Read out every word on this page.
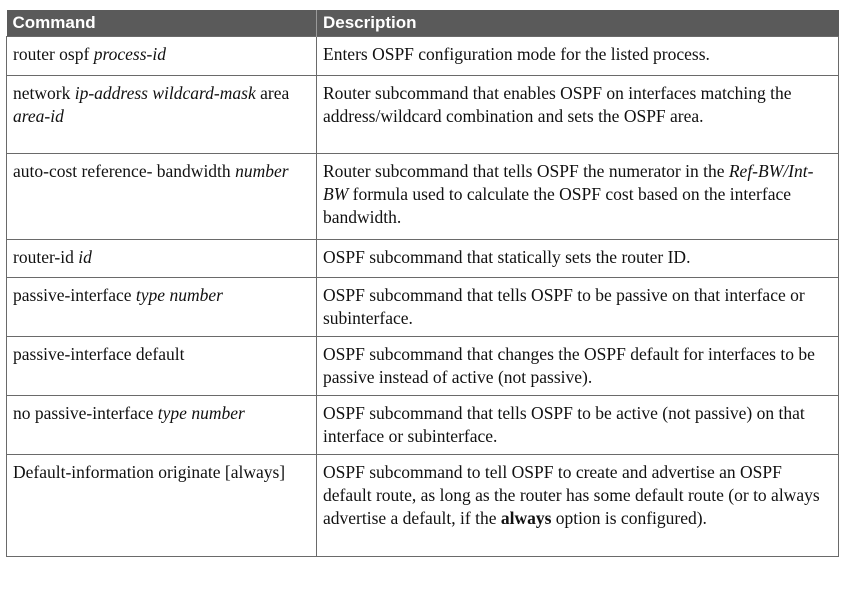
Command	Description
router ospf process-id	Enters OSPF configuration mode for the listed process.
network ip-address wildcard-mask area area-id	Router subcommand that enables OSPF on interfaces matching the address/wildcard combination and sets the OSPF area.
auto-cost reference- bandwidth number	Router subcommand that tells OSPF the numerator in the Ref-BW/Int-BW formula used to calculate the OSPF cost based on the interface bandwidth.
router-id id	OSPF subcommand that statically sets the router ID.
passive-interface type number	OSPF subcommand that tells OSPF to be passive on that interface or subinterface.
passive-interface default	OSPF subcommand that changes the OSPF default for interfaces to be passive instead of active (not passive).
no passive-interface type number	OSPF subcommand that tells OSPF to be active (not passive) on that interface or subinterface.
Default-information originate [always]	OSPF subcommand to tell OSPF to create and advertise an OSPF default route, as long as the router has some default route (or to always advertise a default, if the always option is configured).
